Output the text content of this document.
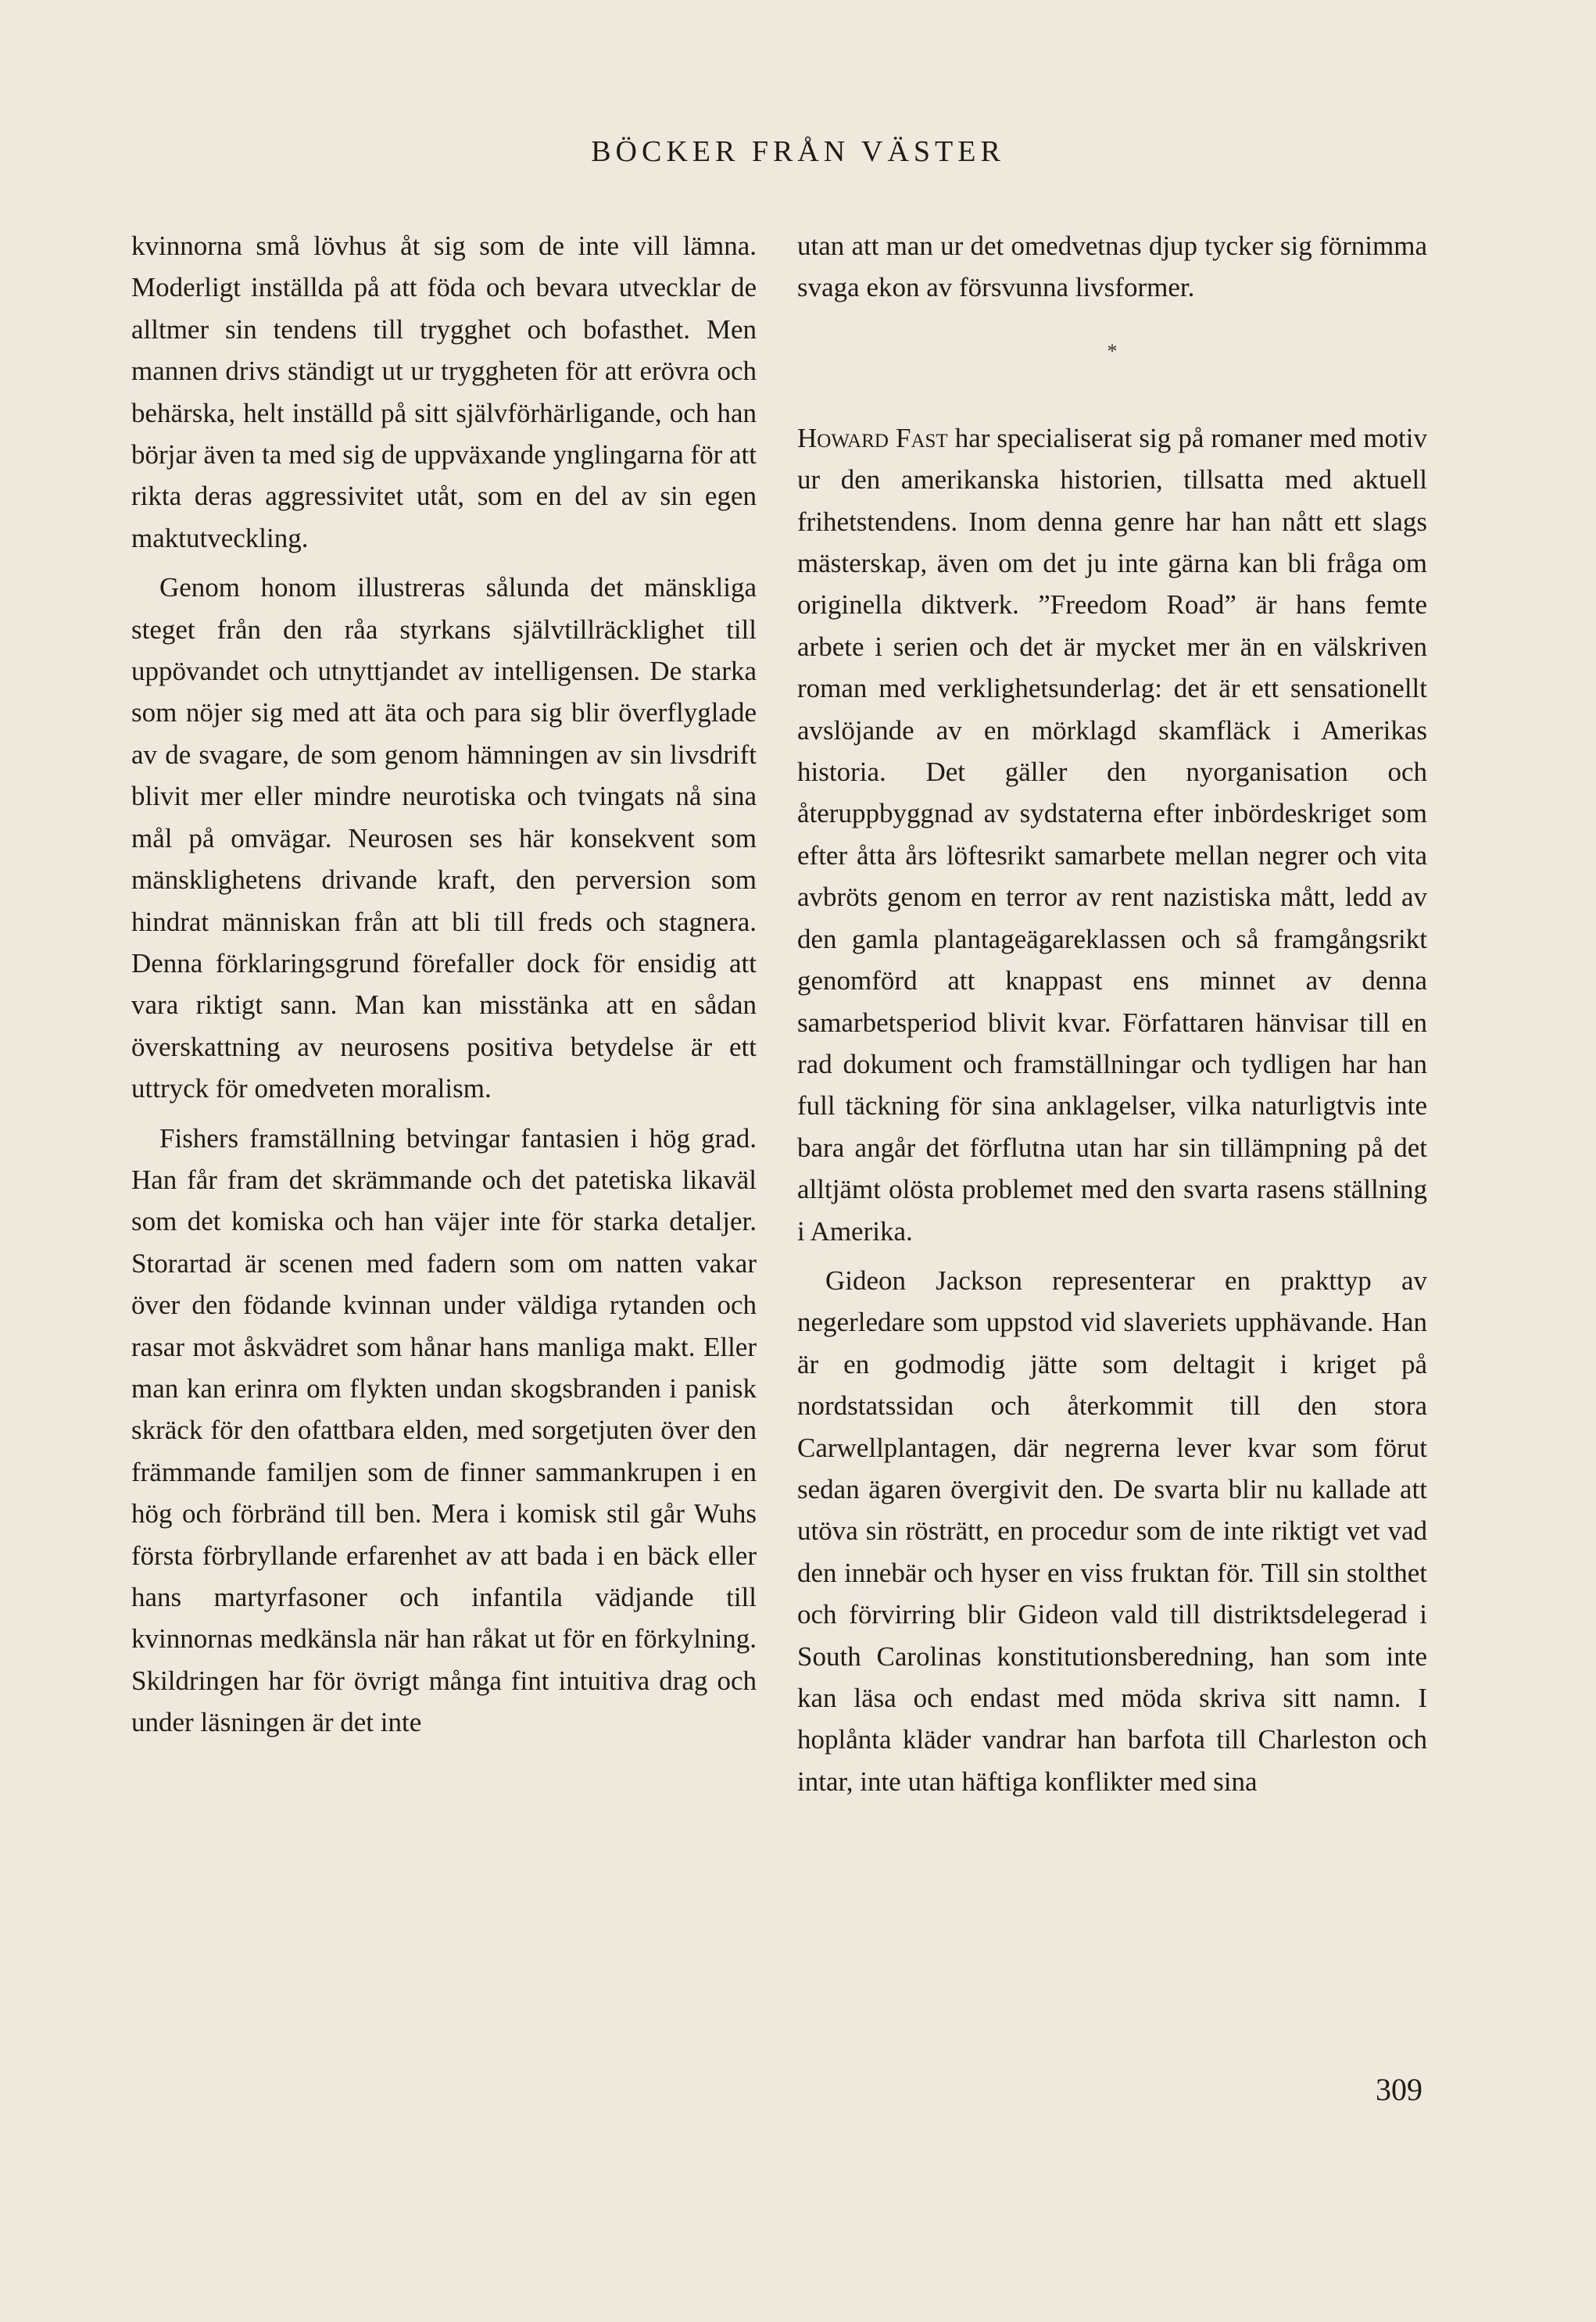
BÖCKER FRÅN VÄSTER

kvinnorna små lövhus åt sig som de inte vill lämna. Moderligt inställda på att föda och bevara utvecklar de alltmer sin tendens till trygghet och bofasthet. Men mannen drivs ständigt ut ur tryggheten för att erövra och behärska, helt inställd på sitt självförhärligande, och han börjar även ta med sig de uppväxande ynglingarna för att rikta deras aggressivitet utåt, som en del av sin egen maktutveckling.

Genom honom illustreras sålunda det mänskliga steget från den råa styrkans självtillräcklighet till uppövandet och utnyttjandet av intelligensen. De starka som nöjer sig med att äta och para sig blir överflyglade av de svagare, de som genom hämningen av sin livsdrift blivit mer eller mindre neurotiska och tvingats nå sina mål på omvägar. Neurosen ses här konsekvent som mänsklighetens drivande kraft, den perversion som hindrat människan från att bli till freds och stagnera. Denna förklaringsgrund förefaller dock för ensidig att vara riktigt sann. Man kan misstänka att en sådan överskattning av neurosens positiva betydelse är ett uttryck för omedveten moralism.

Fishers framställning betvingar fantasien i hög grad. Han får fram det skrämmande och det patetiska likaväl som det komiska och han väjer inte för starka detaljer. Storartad är scenen med fadern som om natten vakar över den födande kvinnan under väldiga rytanden och rasar mot åskvädret som hånar hans manliga makt. Eller man kan erinra om flykten undan skogsbranden i panisk skräck för den ofattbara elden, med sorgetjuten över den främmande familjen som de finner sammankrupen i en hög och förbränd till ben. Mera i komisk stil går Wuhs första förbryllande erfarenhet av att bada i en bäck eller hans martyrfasoner och infantila vädjande till kvinnornas medkänsla när han råkat ut för en förkylning. Skildringen har för övrigt många fint intuitiva drag och under läsningen är det inte

utan att man ur det omedvetnas djup tycker sig förnimma svaga ekon av försvunna livsformer.

*

Howard Fast har specialiserat sig på romaner med motiv ur den amerikanska historien, tillsatta med aktuell frihetstendens. Inom denna genre har han nått ett slags mästerskap, även om det ju inte gärna kan bli fråga om originella diktverk. ”Freedom Road” är hans femte arbete i serien och det är mycket mer än en välskriven roman med verklighetsunderlag: det är ett sensationellt avslöjande av en mörklagd skamfläck i Amerikas historia. Det gäller den nyorganisation och återuppbyggnad av sydstaterna efter inbördeskriget som efter åtta års löftesrikt samarbete mellan negrer och vita avbröts genom en terror av rent nazistiska mått, ledd av den gamla plantageägareklassen och så framgångsrikt genomförd att knappast ens minnet av denna samarbetsperiod blivit kvar. Författaren hänvisar till en rad dokument och framställningar och tydligen har han full täckning för sina anklagelser, vilka naturligtvis inte bara angår det förflutna utan har sin tillämpning på det alltjämt olösta problemet med den svarta rasens ställning i Amerika.

Gideon Jackson representerar en prakttyp av negerledare som uppstod vid slaveriets upphävande. Han är en godmodig jätte som deltagit i kriget på nordstatssidan och återkommit till den stora Carwellplantagen, där negrerna lever kvar som förut sedan ägaren övergivit den. De svarta blir nu kallade att utöva sin rösträtt, en procedur som de inte riktigt vet vad den innebär och hyser en viss fruktan för. Till sin stolthet och förvirring blir Gideon vald till distriktsdelegerad i South Carolinas konstitutionsberedning, han som inte kan läsa och endast med möda skriva sitt namn. I hoplånta kläder vandrar han barfota till Charleston och intar, inte utan häftiga konflikter med sina

309
